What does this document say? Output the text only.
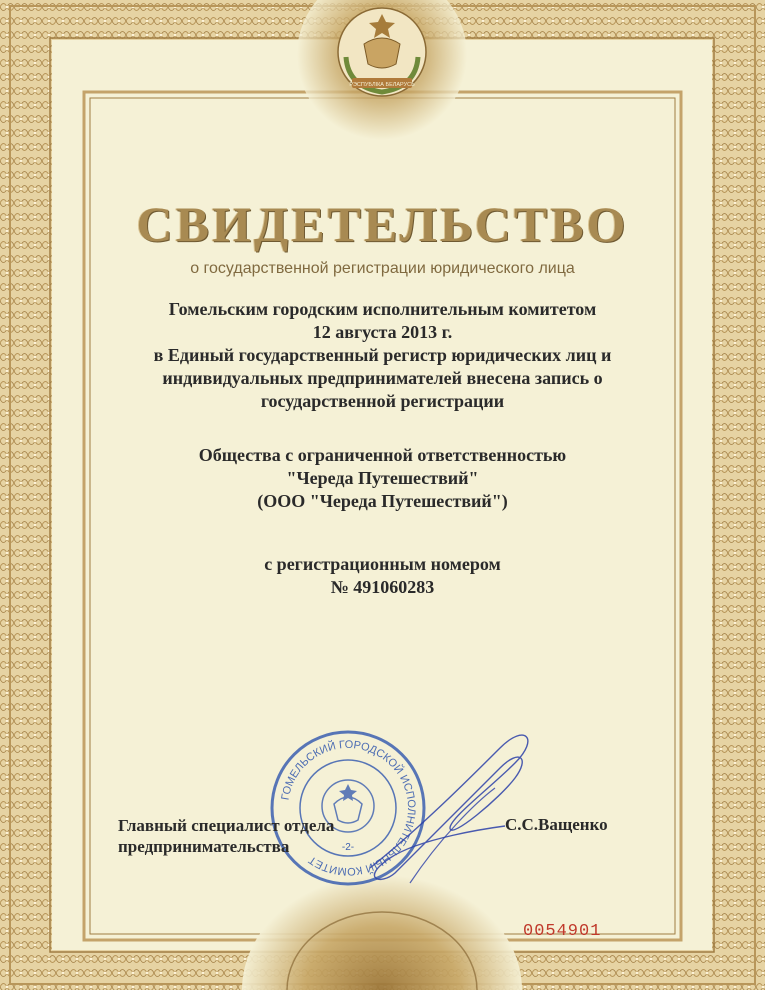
РЭСПУБЛІКА БЕЛАРУСЬ
СВИДЕТЕЛЬСТВО
о государственной регистрации юридического лица
Гомельским городским исполнительным комитетом
12 августа 2013 г.
в Единый государственный регистр юридических лиц и
индивидуальных предпринимателей внесена запись о
государственной регистрации
Общества с ограниченной ответственностью
"Череда Путешествий"
(ООО "Череда Путешествий")
с регистрационным номером
№ 491060283
ГОМЕЛЬСКИЙ ГОРОДСКОЙ ИСПОЛНИТЕЛЬНЫЙ КОМИТЕТ
-2-
Главный специалист отдела
предпринимательства
С.С.Ващенко
0054901
